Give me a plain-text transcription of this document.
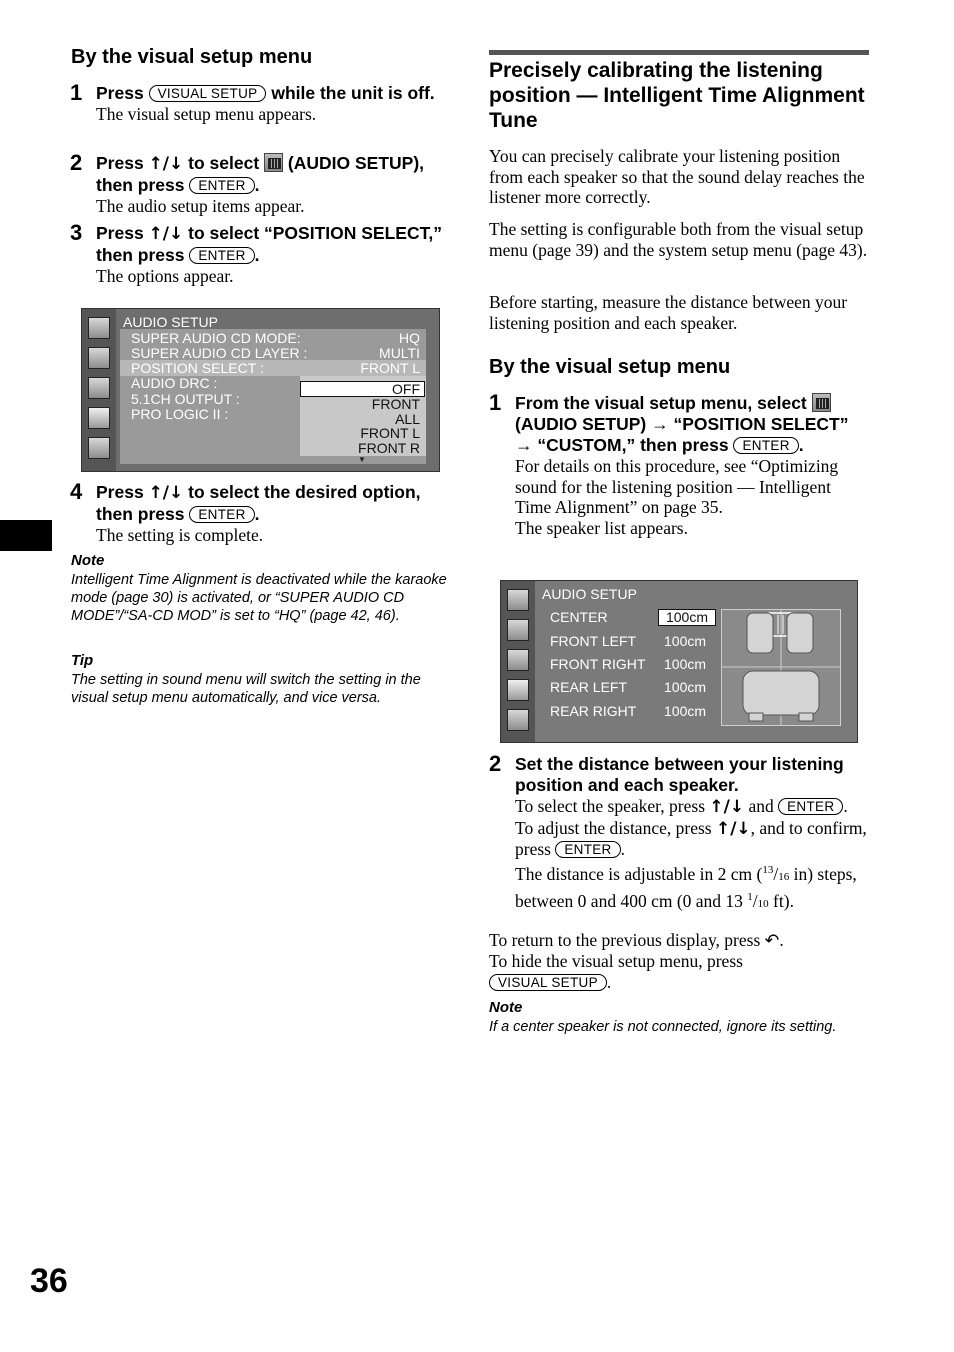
By the visual setup menu
1 Press VISUAL SETUP while the unit is off.
The visual setup menu appears.
2 Press ↑/↓ to select (AUDIO SETUP), then press ENTER .
The audio setup items appear.
3 Press ↑/↓ to select “POSITION SELECT,” then press ENTER .
The options appear.
AUDIO SETUP
SUPER AUDIO CD MODE:	HQ
SUPER AUDIO CD LAYER :	MULTI
POSITION SELECT :	FRONT L
AUDIO DRC :
5.1CH OUTPUT :
PRO LOGIC II :
OFF
FRONT
ALL
FRONT L
FRONT R
▼
4 Press ↑/↓ to select the desired option, then press ENTER .
The setting is complete.
Note
Intelligent Time Alignment is deactivated while the karaoke mode (page 30) is activated, or “SUPER AUDIO CD MODE”/“SA-CD MOD” is set to “HQ” (page 42, 46).
Tip
The setting in sound menu will switch the setting in the visual setup menu automatically, and vice versa.
Precisely calibrating the listening position — Intelligent Time Alignment Tune
You can precisely calibrate your listening position from each speaker so that the sound delay reaches the listener more correctly.
The setting is configurable both from the visual setup menu (page 39) and the system setup menu (page 43).
Before starting, measure the distance between your listening position and each speaker.
By the visual setup menu
1 From the visual setup menu, select  (AUDIO SETUP) → “POSITION SELECT” → “CUSTOM,” then press ENTER .
For details on this procedure, see “Optimizing sound for the listening position — Intelligent Time Alignment” on page 35.
The speaker list appears.
AUDIO SETUP
CENTER	100cm
FRONT LEFT 100cm
FRONT RIGHT 100cm
REAR LEFT	100cm
REAR RIGHT 100cm
2 Set the distance between your listening position and each speaker.
To select the speaker, press ↑/↓ and ENTER .
To adjust the distance, press ↑/↓, and to confirm, press ENTER .
The distance is adjustable in 2 cm ($^{13}$/16 in) steps, between 0 and 400 cm (0 and 13 $^1$/10 ft).
To return to the previous display, press ↶.
To hide the visual setup menu, press
VISUAL SETUP .
Note
If a center speaker is not connected, ignore its setting.
36
